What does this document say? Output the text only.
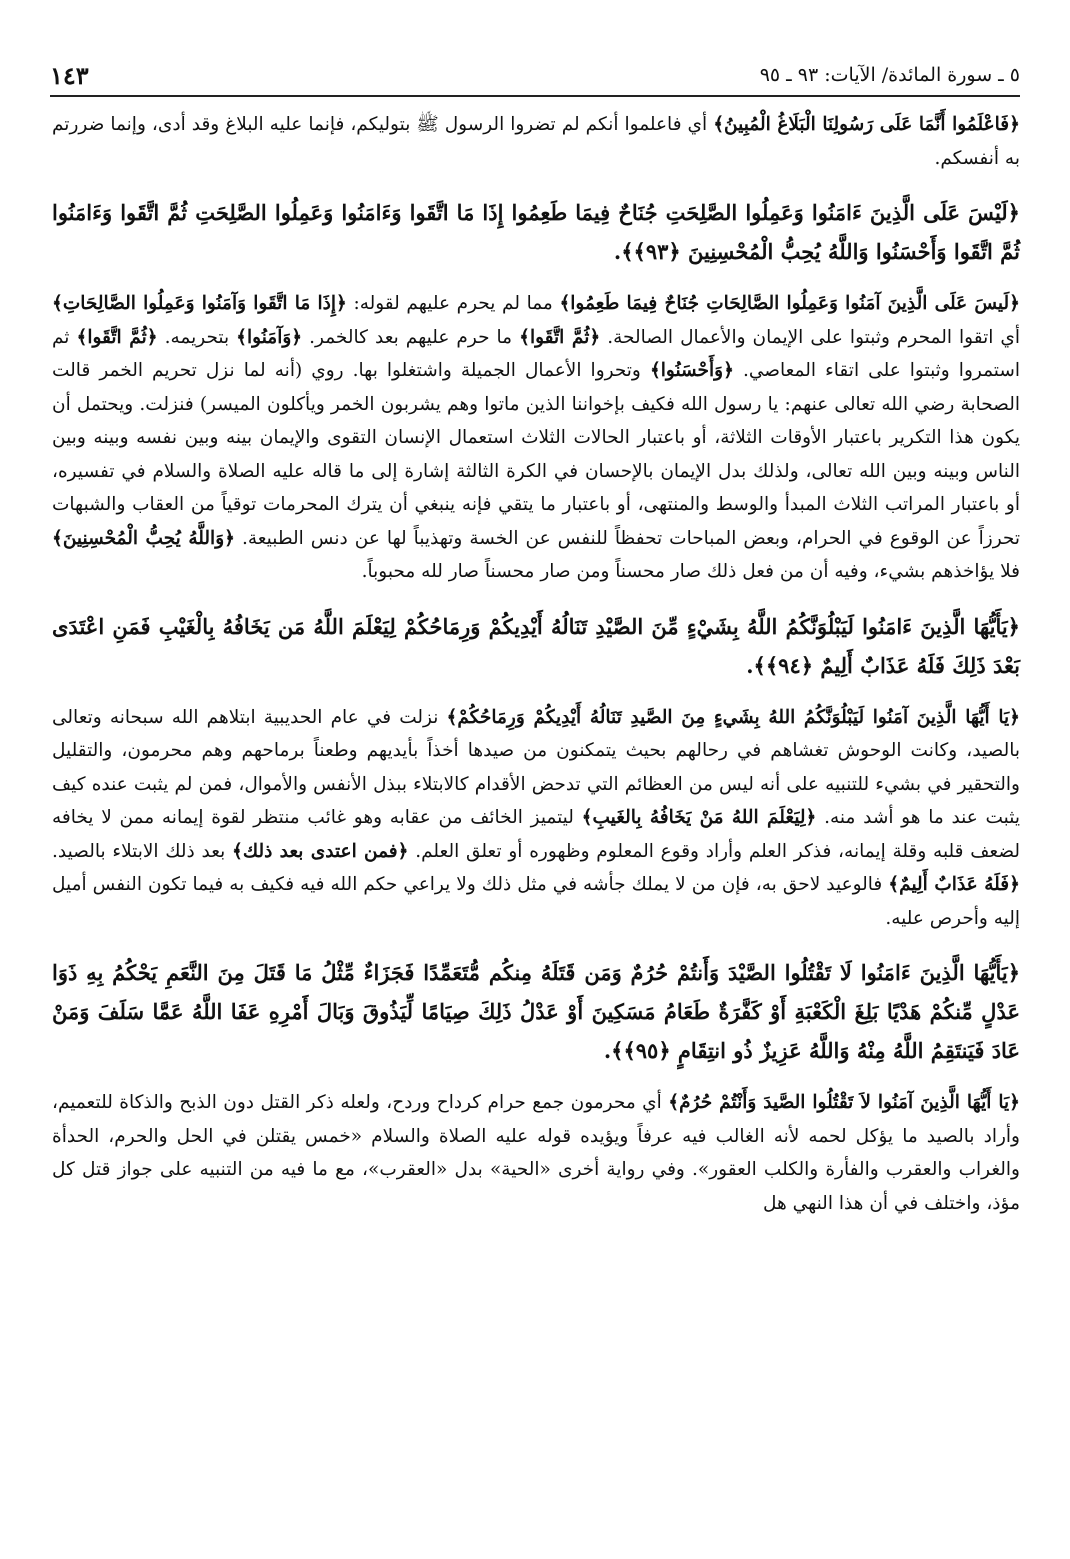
٥ ـ سورة المائدة/ الآيات: ٩٣ ـ ٩٥
١٤٣

﴿فَاعْلَمُوا أَنَّمَا عَلَى رَسُولِنَا الْبَلَاغُ الْمُبِينُ﴾ أي فاعلموا أنكم لم تضروا الرسول ﷺ بتوليكم، فإنما عليه البلاغ وقد أدى، وإنما ضررتم به أنفسكم.

﴿لَيْسَ عَلَى الَّذِينَ ءَامَنُوا وَعَمِلُوا الصَّلِحَتِ جُنَاحٌ فِيمَا طَعِمُوا إِذَا مَا اتَّقَوا وَءَامَنُوا وَعَمِلُوا الصَّلِحَتِ ثُمَّ اتَّقَوا وَءَامَنُوا ثُمَّ اتَّقَوا وَأَحْسَنُوا وَاللَّهُ يُحِبُّ الْمُحْسِنِينَ ﴿٩٣﴾﴾.

﴿لَيسَ عَلَى الَّذِينَ آمَنُوا وَعَمِلُوا الصَّالِحَاتِ جُنَاحٌ فِيمَا طَعِمُوا﴾ مما لم يحرم عليهم لقوله: ﴿إِذَا مَا اتَّقَوا وَآمَنُوا وَعَمِلُوا الصَّالِحَاتِ﴾ أي اتقوا المحرم وثبتوا على الإيمان والأعمال الصالحة. ﴿ثُمَّ اتَّقَوا﴾ ما حرم عليهم بعد كالخمر. ﴿وَآمَنُوا﴾ بتحريمه. ﴿ثُمَّ اتَّقَوا﴾ ثم استمروا وثبتوا على اتقاء المعاصي. ﴿وَأَحْسَنُوا﴾ وتحروا الأعمال الجميلة واشتغلوا بها. روي (أنه لما نزل تحريم الخمر قالت الصحابة رضي الله تعالى عنهم: يا رسول الله فكيف بإخواننا الذين ماتوا وهم يشربون الخمر ويأكلون الميسر) فنزلت. ويحتمل أن يكون هذا التكرير باعتبار الأوقات الثلاثة، أو باعتبار الحالات الثلاث استعمال الإنسان التقوى والإيمان بينه وبين نفسه وبينه وبين الناس وبينه وبين الله تعالى، ولذلك بدل الإيمان بالإحسان في الكرة الثالثة إشارة إلى ما قاله عليه الصلاة والسلام في تفسيره، أو باعتبار المراتب الثلاث المبدأ والوسط والمنتهى، أو باعتبار ما يتقي فإنه ينبغي أن يترك المحرمات توقياً من العقاب والشبهات تحرزاً عن الوقوع في الحرام، وبعض المباحات تحفظاً للنفس عن الخسة وتهذيباً لها عن دنس الطبيعة. ﴿وَاللَّهُ يُحِبُّ الْمُحْسِنِينَ﴾ فلا يؤاخذهم بشيء، وفيه أن من فعل ذلك صار محسناً ومن صار محسناً صار لله محبوباً.

﴿يَأَيُّهَا الَّذِينَ ءَامَنُوا لَيَبْلُوَنَّكُمُ اللَّهُ بِشَيْءٍ مِّنَ الصَّيْدِ تَنَالُهُ أَيْدِيكُمْ وَرِمَاحُكُمْ لِيَعْلَمَ اللَّهُ مَن يَخَافُهُ بِالْغَيْبِ فَمَنِ اعْتَدَى بَعْدَ ذَلِكَ فَلَهُ عَذَابٌ أَلِيمٌ ﴿٩٤﴾﴾.

﴿يَا أَيُّهَا الَّذِينَ آمَنُوا لَيَبْلُوَنَّكُمُ اللهُ بِشَيءٍ مِنَ الصَّيدِ تَنَالُهُ أَيْدِيكُمْ وَرِمَاحُكُمْ﴾ نزلت في عام الحديبية ابتلاهم الله سبحانه وتعالى بالصيد، وكانت الوحوش تغشاهم في رحالهم بحيث يتمكنون من صيدها أخذاً بأيديهم وطعناً برماحهم وهم محرمون، والتقليل والتحقير في بشيء للتنبيه على أنه ليس من العظائم التي تدحض الأقدام كالابتلاء ببذل الأنفس والأموال، فمن لم يثبت عنده كيف يثبت عند ما هو أشد منه. ﴿لِيَعْلَمَ اللهُ مَنْ يَخَافُهُ بِالغَيبِ﴾ ليتميز الخائف من عقابه وهو غائب منتظر لقوة إيمانه ممن لا يخافه لضعف قلبه وقلة إيمانه، فذكر العلم وأراد وقوع المعلوم وظهوره أو تعلق العلم. ﴿فمن اعتدى بعد ذلك﴾ بعد ذلك الابتلاء بالصيد. ﴿فَلَهُ عَذَابٌ أَلِيمٌ﴾ فالوعيد لاحق به، فإن من لا يملك جأشه في مثل ذلك ولا يراعي حكم الله فيه فكيف به فيما تكون النفس أميل إليه وأحرص عليه.

﴿يَأَيُّهَا الَّذِينَ ءَامَنُوا لَا تَقْتُلُوا الصَّيْدَ وَأَنتُمْ حُرُمٌ وَمَن قَتَلَهُ مِنكُم مُّتَعَمِّدًا فَجَزَاءٌ مِّثْلُ مَا قَتَلَ مِنَ النَّعَمِ يَحْكُمُ بِهِ ذَوَا عَدْلٍ مِّنكُمْ هَدْيًا بَلِغَ الْكَعْبَةِ أَوْ كَفَّرَةٌ طَعَامُ مَسَكِينَ أَوْ عَدْلُ ذَلِكَ صِيَامًا لِّيَذُوقَ وَبَالَ أَمْرِهِ عَفَا اللَّهُ عَمَّا سَلَفَ وَمَنْ عَادَ فَيَنتَقِمُ اللَّهُ مِنْهُ وَاللَّهُ عَزِيزٌ ذُو انتِقَامٍ ﴿٩٥﴾﴾.

﴿يَا أَيُّهَا الَّذِينَ آمَنُوا لاَ تَقْتُلُوا الصَّيدَ وَأَنْتُمْ حُرُمٌ﴾ أي محرمون جمع حرام كرداح وردح، ولعله ذكر القتل دون الذبح والذكاة للتعميم، وأراد بالصيد ما يؤكل لحمه لأنه الغالب فيه عرفاً ويؤيده قوله عليه الصلاة والسلام «خمس يقتلن في الحل والحرم، الحدأة والغراب والعقرب والفأرة والكلب العقور». وفي رواية أخرى «الحية» بدل «العقرب»، مع ما فيه من التنبيه على جواز قتل كل مؤذ، واختلف في أن هذا النهي هل
